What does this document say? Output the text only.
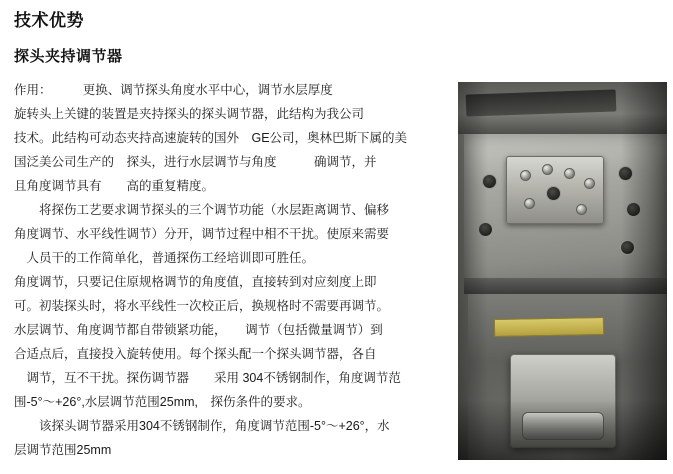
技术优势
探头夹持调节器

作用：　　　更换、调节探头角度水平中心，调节水层厚度

旋转头上关键的装置是夹持探头的探头调节器，此结构为我公司

技术。此结构可动态夹持高速旋转的国外　GE公司，奥林巴斯下属的美

国泛美公司生产的　探头，进行水层调节与角度　　　确调节，并

且角度调节具有　　高的重复精度。

　　将探伤工艺要求调节探头的三个调节功能（水层距离调节、偏移

角度调节、水平线性调节）分开，调节过程中相不干扰。使原来需要

　人员干的工作简单化，普通探伤工经培训即可胜任。

角度调节，只要记住原规格调节的角度值，直接转到对应刻度上即

可。初装探头时，将水平线性一次校正后，换规格时不需要再调节。

水层调节、角度调节都自带锁紧功能，　　调节（包括微量调节）到

合适点后，直接投入旋转使用。每个探头配一个探头调节器，各自

　调节，互不干扰。探伤调节器　　采用 304不锈钢制作，角度调节范

围-5°～+26°,水层调节范围25mm,　探伤条件的要求。

　　该探头调节器采用304不锈钢制作，角度调节范围-5°～+26°，水

层调节范围25mm
